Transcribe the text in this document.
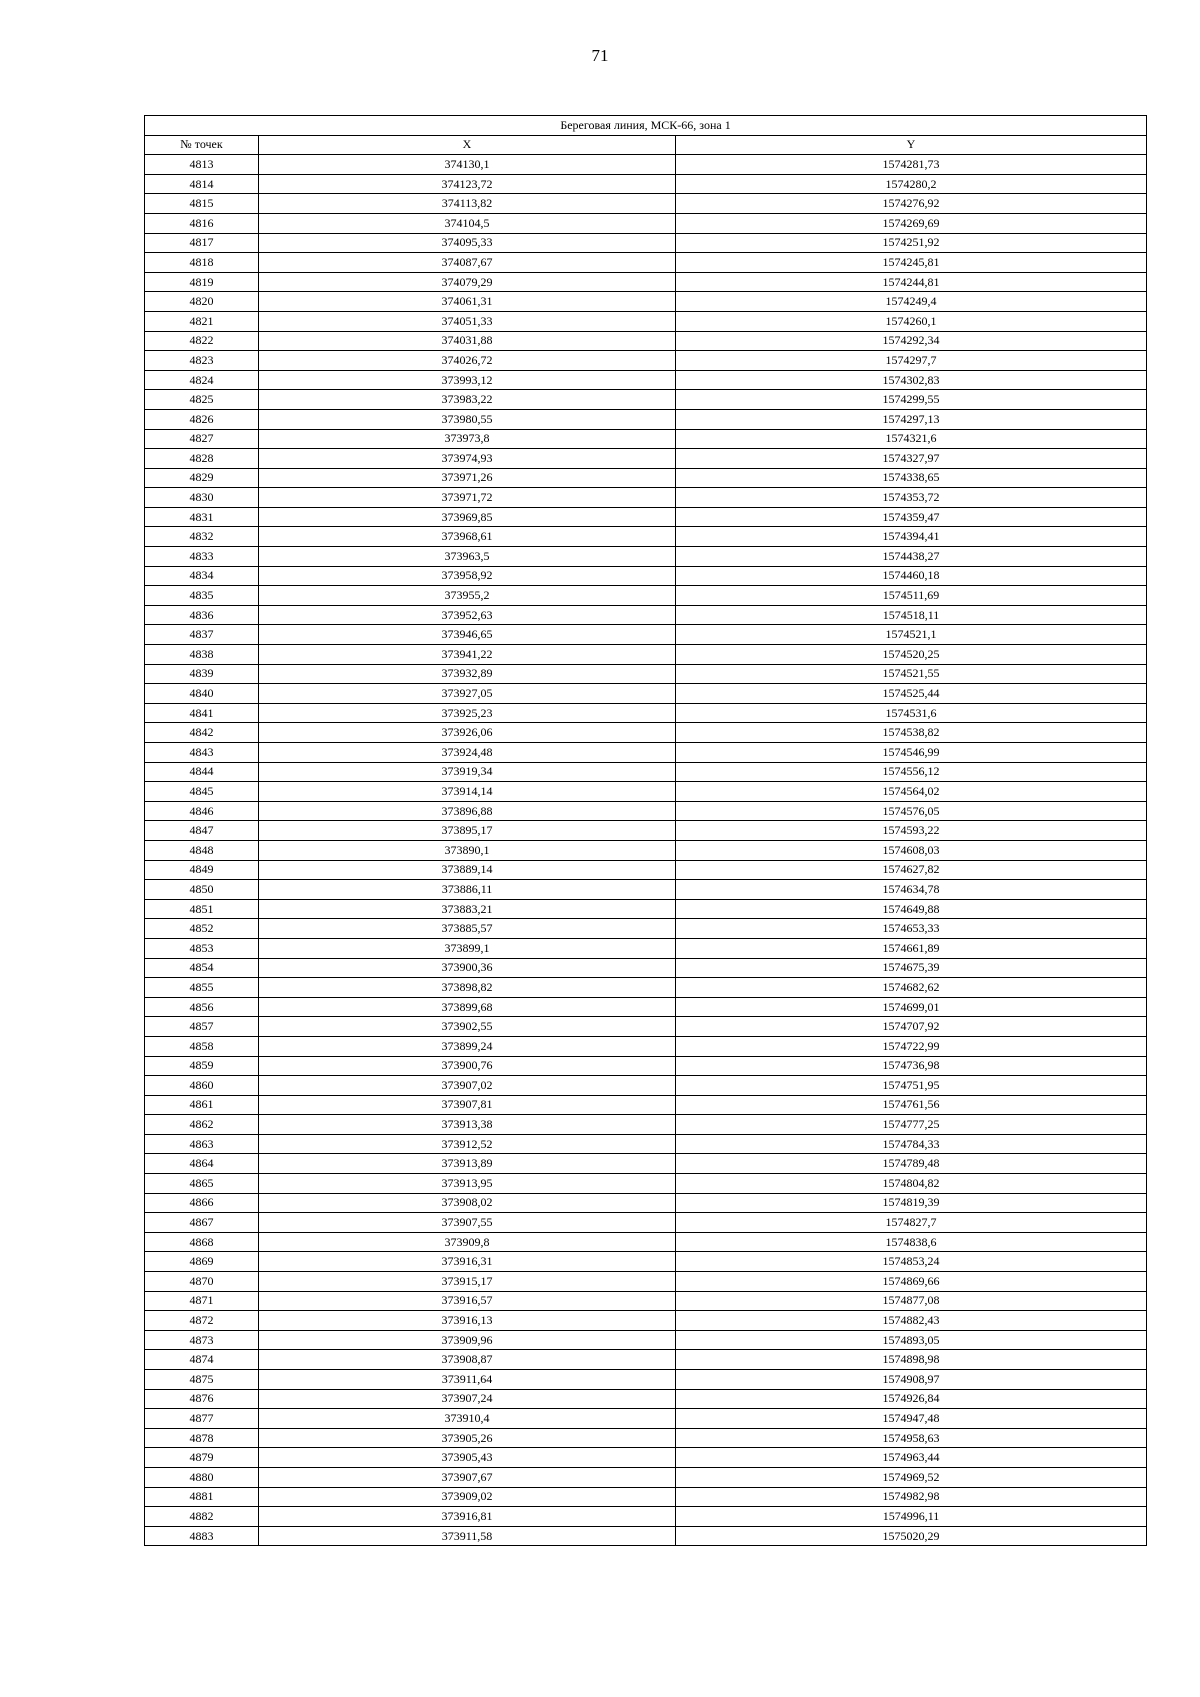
71
Береговая линия, МСК-66, зона 1		
№ точек	X	Y
4813	374130,1	1574281,73
4814	374123,72	1574280,2
4815	374113,82	1574276,92
4816	374104,5	1574269,69
4817	374095,33	1574251,92
4818	374087,67	1574245,81
4819	374079,29	1574244,81
4820	374061,31	1574249,4
4821	374051,33	1574260,1
4822	374031,88	1574292,34
4823	374026,72	1574297,7
4824	373993,12	1574302,83
4825	373983,22	1574299,55
4826	373980,55	1574297,13
4827	373973,8	1574321,6
4828	373974,93	1574327,97
4829	373971,26	1574338,65
4830	373971,72	1574353,72
4831	373969,85	1574359,47
4832	373968,61	1574394,41
4833	373963,5	1574438,27
4834	373958,92	1574460,18
4835	373955,2	1574511,69
4836	373952,63	1574518,11
4837	373946,65	1574521,1
4838	373941,22	1574520,25
4839	373932,89	1574521,55
4840	373927,05	1574525,44
4841	373925,23	1574531,6
4842	373926,06	1574538,82
4843	373924,48	1574546,99
4844	373919,34	1574556,12
4845	373914,14	1574564,02
4846	373896,88	1574576,05
4847	373895,17	1574593,22
4848	373890,1	1574608,03
4849	373889,14	1574627,82
4850	373886,11	1574634,78
4851	373883,21	1574649,88
4852	373885,57	1574653,33
4853	373899,1	1574661,89
4854	373900,36	1574675,39
4855	373898,82	1574682,62
4856	373899,68	1574699,01
4857	373902,55	1574707,92
4858	373899,24	1574722,99
4859	373900,76	1574736,98
4860	373907,02	1574751,95
4861	373907,81	1574761,56
4862	373913,38	1574777,25
4863	373912,52	1574784,33
4864	373913,89	1574789,48
4865	373913,95	1574804,82
4866	373908,02	1574819,39
4867	373907,55	1574827,7
4868	373909,8	1574838,6
4869	373916,31	1574853,24
4870	373915,17	1574869,66
4871	373916,57	1574877,08
4872	373916,13	1574882,43
4873	373909,96	1574893,05
4874	373908,87	1574898,98
4875	373911,64	1574908,97
4876	373907,24	1574926,84
4877	373910,4	1574947,48
4878	373905,26	1574958,63
4879	373905,43	1574963,44
4880	373907,67	1574969,52
4881	373909,02	1574982,98
4882	373916,81	1574996,11
4883	373911,58	1575020,29
